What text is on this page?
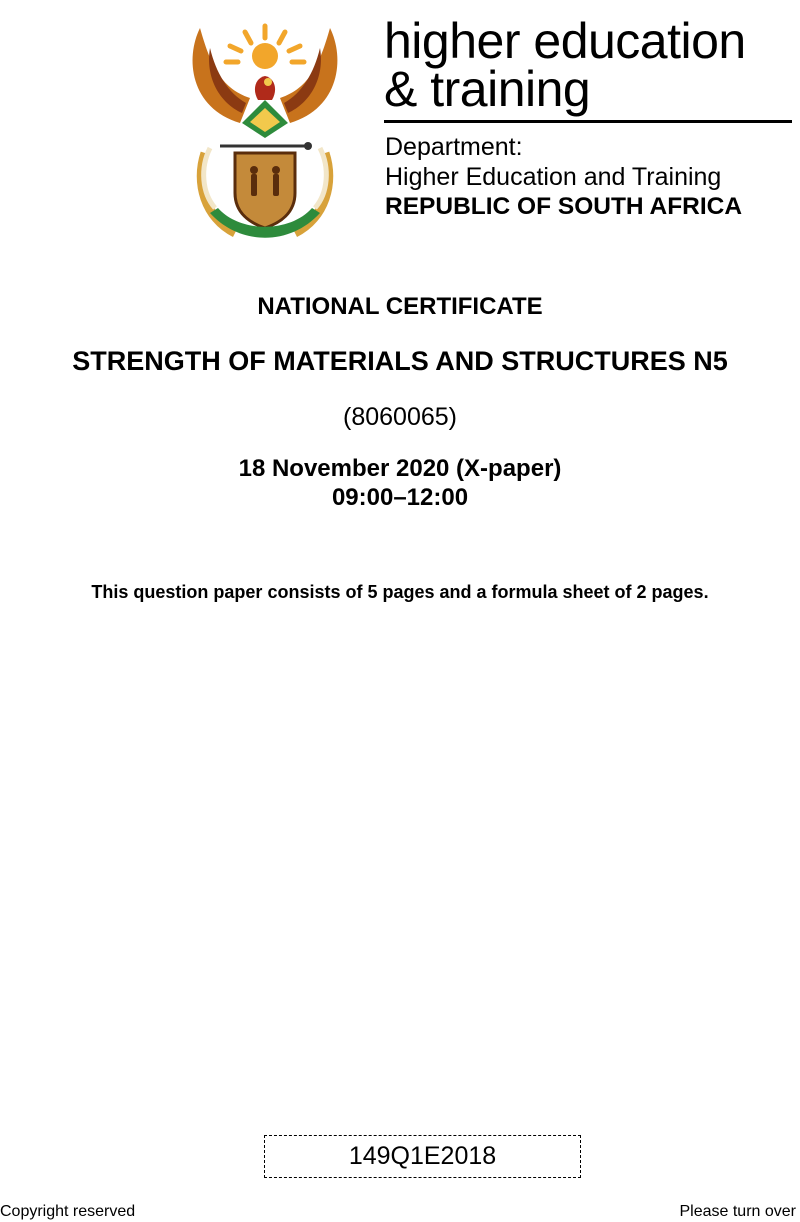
higher education
& training
Department:
Higher Education and Training
REPUBLIC OF SOUTH AFRICA
NATIONAL CERTIFICATE
STRENGTH OF MATERIALS AND STRUCTURES N5
(8060065)
18 November 2020 (X-paper)
09:00–12:00
This question paper consists of 5 pages and a formula sheet of 2 pages.
149Q1E2018
Copyright reserved	Please turn over
